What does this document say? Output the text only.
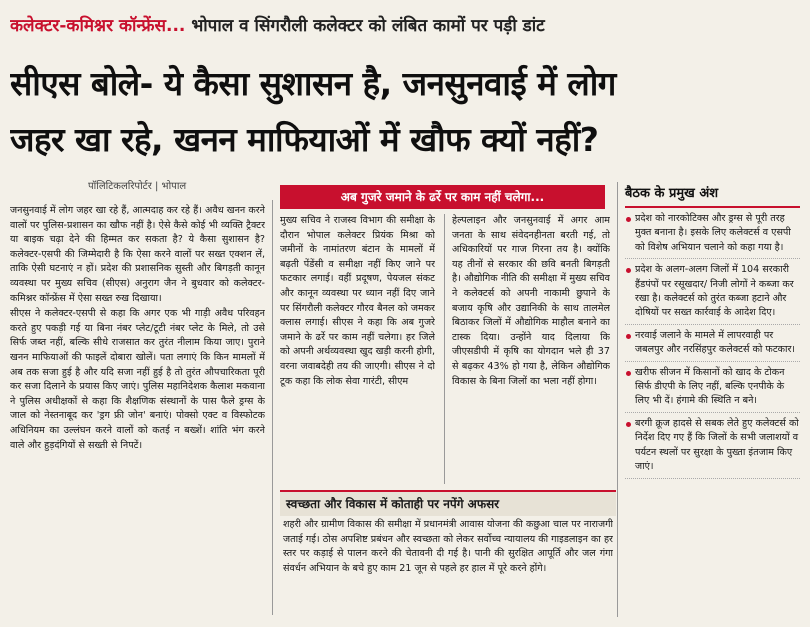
कलेक्टर-कमिश्नर कॉन्फ्रेंस... भोपाल व सिंगरौली कलेक्टर को लंबित कामों पर पड़ी डांट
सीएस बोले- ये कैसा सुशासन है, जनसुनवाई में लोग
जहर खा रहे, खनन माफियाओं में खौफ क्यों नहीं?
पॉलिटिकलरिपोर्टर | भोपाल
अब गुजरे जमाने के ढर्रे पर काम नहीं चलेगा...

जनसुनवाई में लोग जहर खा रहे हैं, आत्मदाह कर रहे हैं। अवैध खनन करने वालों पर पुलिस-प्रशासन का खौफ नहीं है। ऐसे कैसे कोई भी व्यक्ति ट्रैक्टर या बाइक चढ़ा देने की हिम्मत कर सकता है? ये कैसा सुशासन है? कलेक्टर-एसपी की जिम्मेदारी है कि ऐसा करने वालों पर सख्त एक्शन लें, ताकि ऐसी घटनाएं न हों। प्रदेश की प्रशासनिक सुस्ती और बिगड़ती कानून व्यवस्था पर मुख्य सचिव (सीएस) अनुराग जैन ने बुधवार को कलेक्टर-कमिश्नर कॉन्फ्रेंस में ऐसा सख्त रुख दिखाया।

सीएस ने कलेक्टर-एसपी से कहा कि अगर एक भी गाड़ी अवैध परिवहन करते हुए पकड़ी गई या बिना नंबर प्लेट/टूटी नंबर प्लेट के मिले, तो उसे सिर्फ जब्त नहीं, बल्कि सीधे राजसात कर तुरंत नीलाम किया जाए। पुराने खनन माफियाओं की फाइलें दोबारा खोलें। पता लगाएं कि किन मामलों में अब तक सजा हुई है और यदि सजा नहीं हुई है तो तुरंत औपचारिकता पूरी कर सजा दिलाने के प्रयास किए जाएं। पुलिस महानिदेशक कैलाश मकवाना ने पुलिस अधीक्षकों से कहा कि शैक्षणिक संस्थानों के पास फैले ड्रग्स के जाल को नेस्तनाबूद कर 'ड्रग फ्री जोन' बनाएं। पोक्सो एक्ट व विस्फोटक अधिनियम का उल्लंघन करने वालों को कतई न बख्शें। शांति भंग करने वाले और हुड़दंगियों से सख्ती से निपटें।

मुख्य सचिव ने राजस्व विभाग की समीक्षा के दौरान भोपाल कलेक्टर प्रियंक मिश्रा को जमीनों के नामांतरण बंटान के मामलों में बढ़ती पेंडेंसी व समीक्षा नहीं किए जाने पर फटकार लगाई। वहीं प्रदूषण, पेयजल संकट और कानून व्यवस्था पर ध्यान नहीं दिए जाने पर सिंगरौली कलेक्टर गौरव बैनल को जमकर क्लास लगाई। सीएस ने कहा कि अब गुजरे जमाने के ढर्रे पर काम नहीं चलेगा। हर जिले को अपनी अर्थव्यवस्था खुद खड़ी करनी होगी, वरना जवाबदेही तय की जाएगी। सीएस ने दो टूक कहा कि लोक सेवा गारंटी, सीएम

हेल्पलाइन और जनसुनवाई में अगर आम जनता के साथ संवेदनहीनता बरती गई, तो अधिकारियों पर गाज गिरना तय है। क्योंकि यह तीनों से सरकार की छवि बनती बिगड़ती है। औद्योगिक नीति की समीक्षा में मुख्य सचिव ने कलेक्टर्स को अपनी नाकामी छुपाने के बजाय कृषि और उद्यानिकी के साथ तालमेल बिठाकर जिलों में औद्योगिक माहौल बनाने का टास्क दिया। उन्होंने याद दिलाया कि जीएसडीपी में कृषि का योगदान भले ही 37 से बढ़कर 43% हो गया है, लेकिन औद्योगिक विकास के बिना जिलों का भला नहीं होगा।

स्वच्छता और विकास में कोताही पर नपेंगे अफसर
शहरी और ग्रामीण विकास की समीक्षा में प्रधानमंत्री आवास योजना की कछुआ चाल पर नाराजगी जताई गई। ठोस अपशिष्ट प्रबंधन और स्वच्छता को लेकर सर्वोच्च न्यायालय की गाइडलाइन का हर स्तर पर कड़ाई से पालन करने की चेतावनी दी गई है। पानी की सुरक्षित आपूर्ति और जल गंगा संवर्धन अभियान के बचे हुए काम 21 जून से पहले हर हाल में पूरे करने होंगे।
बैठक के प्रमुख अंश
प्रदेश को नारकोटिक्स और ड्रग्स से पूरी तरह मुक्त बनाना है। इसके लिए कलेक्टर्स व एसपी को विशेष अभियान चलाने को कहा गया है।
प्रदेश के अलग-अलग जिलों में 104 सरकारी हैंडपंपों पर रसूखदार/ निजी लोगों ने कब्जा कर रखा है। कलेक्टर्स को तुरंत कब्जा हटाने और दोषियों पर सख्त कार्रवाई के आदेश दिए।
नरवाई जलाने के मामले में लापरवाही पर जबलपुर और नरसिंहपुर कलेक्टर्स को फटकार।
खरीफ सीजन में किसानों को खाद के टोकन सिर्फ डीएपी के लिए नहीं, बल्कि एनपीके के लिए भी दें। हंगामे की स्थिति न बने।
बरगी क्रूज हादसे से सबक लेते हुए कलेक्टर्स को निर्देश दिए गए हैं कि जिलों के सभी जलाशयों व पर्यटन स्थलों पर सुरक्षा के पुख्ता इंतजाम किए जाएं।
